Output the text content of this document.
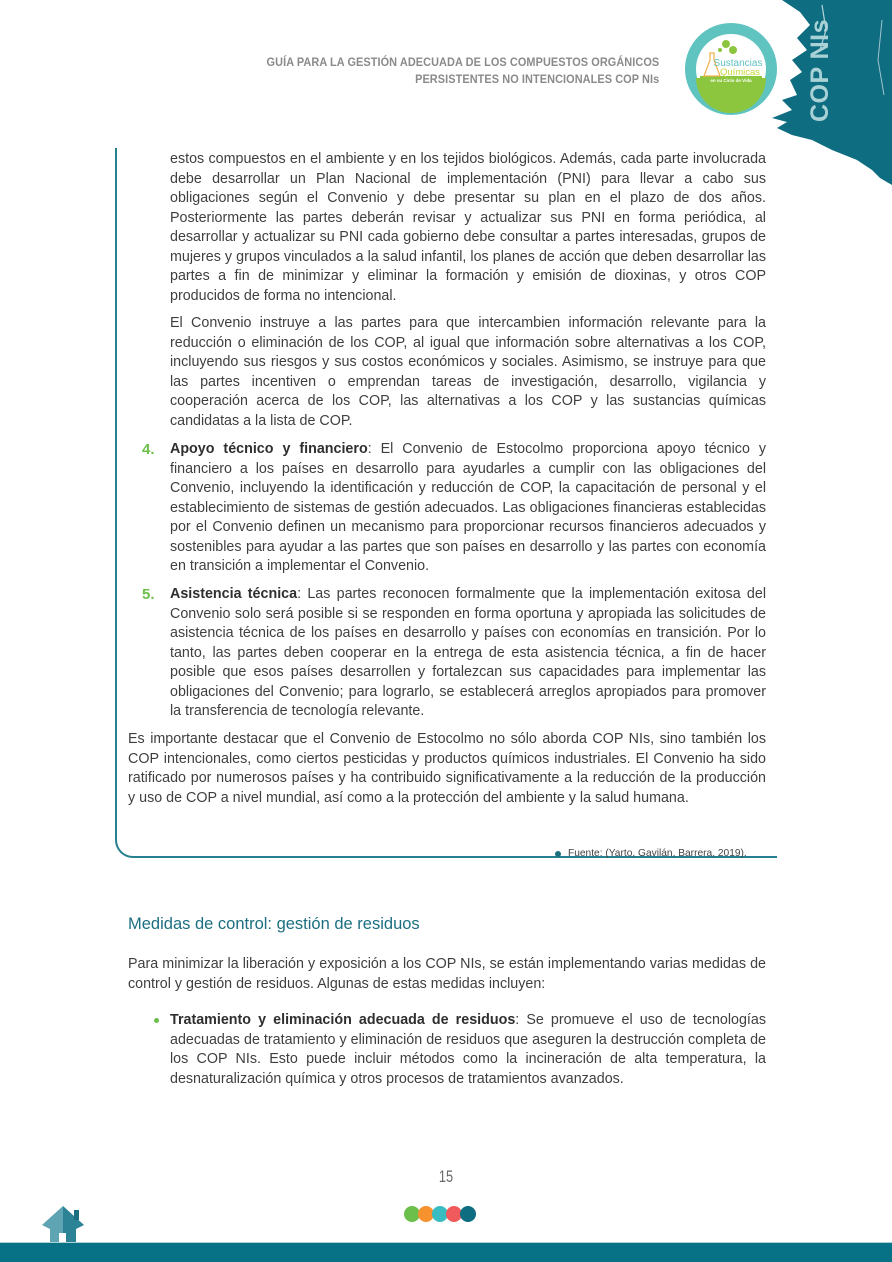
GUÍA PARA LA GESTIÓN ADECUADA DE LOS COMPUESTOS ORGÁNICOS
PERSISTENTES NO INTENCIONALES COP NIs	COP NIs
Sustancias
Químicas
en su Ciclo de Vida
estos compuestos en el ambiente y en los tejidos biológicos. Además, cada parte involucrada debe desarrollar un Plan Nacional de implementación (PNI) para llevar a cabo sus obligaciones según el Convenio y debe presentar su plan en el plazo de dos años. Posteriormente las partes deberán revisar y actualizar sus PNI en forma periódica, al desarrollar y actualizar su PNI cada gobierno debe consultar a partes interesadas, grupos de mujeres y grupos vinculados a la salud infantil, los planes de acción que deben desarrollar las partes a fin de minimizar y eliminar la formación y emisión de dioxinas, y otros COP producidos de forma no intencional.
El Convenio instruye a las partes para que intercambien información relevante para la reducción o eliminación de los COP, al igual que información sobre alternativas a los COP, incluyendo sus riesgos y sus costos económicos y sociales. Asimismo, se instruye para que las partes incentiven o emprendan tareas de investigación, desarrollo, vigilancia y cooperación acerca de los COP, las alternativas a los COP y las sustancias químicas candidatas a la lista de COP.
4. Apoyo técnico y financiero: El Convenio de Estocolmo proporciona apoyo técnico y financiero a los países en desarrollo para ayudarles a cumplir con las obligaciones del Convenio, incluyendo la identificación y reducción de COP, la capacitación de personal y el establecimiento de sistemas de gestión adecuados. Las obligaciones financieras establecidas por el Convenio definen un mecanismo para proporcionar recursos financieros adecuados y sostenibles para ayudar a las partes que son países en desarrollo y las partes con economía en transición a implementar el Convenio.
5. Asistencia técnica: Las partes reconocen formalmente que la implementación exitosa del Convenio solo será posible si se responden en forma oportuna y apropiada las solicitudes de asistencia técnica de los países en desarrollo y países con economías en transición. Por lo tanto, las partes deben cooperar en la entrega de esta asistencia técnica, a fin de hacer posible que esos países desarrollen y fortalezcan sus capacidades para implementar las obligaciones del Convenio; para lograrlo, se establecerá arreglos apropiados para promover la transferencia de tecnología relevante.
Es importante destacar que el Convenio de Estocolmo no sólo aborda COP NIs, sino también los COP intencionales, como ciertos pesticidas y productos químicos industriales. El Convenio ha sido ratificado por numerosos países y ha contribuido significativamente a la reducción de la producción y uso de COP a nivel mundial, así como a la protección del ambiente y la salud humana.
Fuente: (Yarto, Gavilán, Barrera, 2019).
Medidas de control: gestión de residuos
Para minimizar la liberación y exposición a los COP NIs, se están implementando varias medidas de control y gestión de residuos. Algunas de estas medidas incluyen:
Tratamiento y eliminación adecuada de residuos: Se promueve el uso de tecnologías adecuadas de tratamiento y eliminación de residuos que aseguren la destrucción completa de los COP NIs. Esto puede incluir métodos como la incineración de alta temperatura, la desnaturalización química y otros procesos de tratamientos avanzados.
15
